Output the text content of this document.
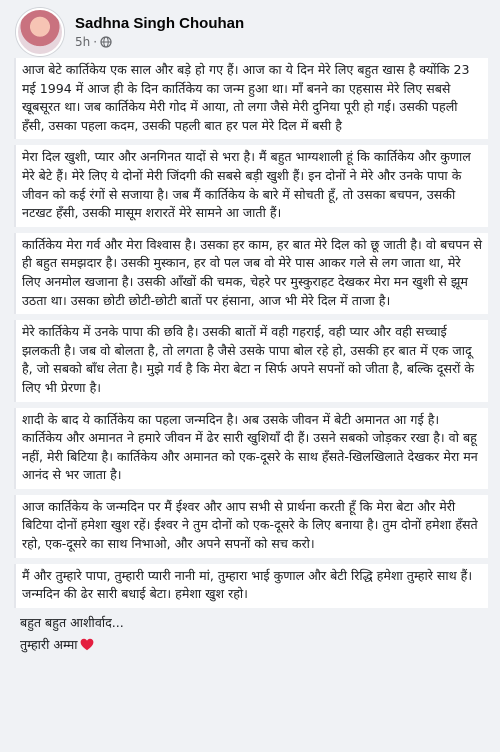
Sadhna Singh Chouhan
5h ·
आज बेटे कार्तिकेय एक साल और बड़े हो गए हैं। आज का ये दिन मेरे लिए बहुत खास है क्योंकि 23 मई 1994 में आज ही के दिन कार्तिकेय का जन्म हुआ था। माँ बनने का एहसास मेरे लिए सबसे खूबसूरत था। जब कार्तिकेय मेरी गोद में आया, तो लगा जैसे मेरी दुनिया पूरी हो गई। उसकी पहली हँसी, उसका पहला कदम, उसकी पहली बात हर पल मेरे दिल में बसी है
मेरा दिल खुशी, प्यार और अनगिनत यादों से भरा है। मैं बहुत भाग्यशाली हूं कि कार्तिकेय और कुणाल मेरे बेटे हैं। मेरे लिए ये दोनों मेरी जिंदगी की सबसे बड़ी खुशी हैं। इन दोनों ने मेरे और उनके पापा के जीवन को कई रंगों से सजाया है। जब मैं कार्तिकेय के बारे में सोचती हूँ, तो उसका बचपन, उसकी नटखट हँसी, उसकी मासूम शरारतें मेरे सामने आ जाती हैं।
कार्तिकेय मेरा गर्व और मेरा विश्वास है। उसका हर काम, हर बात मेरे दिल को छू जाती है। वो बचपन से ही बहुत समझदार है। उसकी मुस्कान, हर वो पल जब वो मेरे पास आकर गले से लग जाता था, मेरे लिए अनमोल खजाना है। उसकी आँखों की चमक, चेहरे पर मुस्कुराहट देखकर मेरा मन खुशी से झूम उठता था। उसका छोटी छोटी-छोटी बातों पर हंसाना, आज भी मेरे दिल में ताजा है।
मेरे कार्तिकेय में उनके पापा की छवि है। उसकी बातों में वही गहराई, वही प्यार और वही सच्चाई झलकती है। जब वो बोलता है, तो लगता है जैसे उसके पापा बोल रहे हो, उसकी हर बात में एक जादू है, जो सबको बाँध लेता है। मुझे गर्व है कि मेरा बेटा न सिर्फ अपने सपनों को जीता है, बल्कि दूसरों के लिए भी प्रेरणा है।
शादी के बाद ये कार्तिकेय का पहला जन्मदिन है। अब उसके जीवन में बेटी अमानत आ गई है। कार्तिकेय और अमानत ने हमारे जीवन में ढेर सारी खुशियाँ दी हैं। उसने सबको जोड़कर रखा है। वो बहू नहीं, मेरी बिटिया है। कार्तिकेय और अमानत को एक-दूसरे के साथ हँसते-खिलखिलाते देखकर मेरा मन आनंद से भर जाता है।
आज कार्तिकेय के जन्मदिन पर मैं ईश्वर और आप सभी से प्रार्थना करती हूँ कि मेरा बेटा और मेरी बिटिया दोनों हमेशा खुश रहें। ईश्वर ने तुम दोनों को एक-दूसरे के लिए बनाया है। तुम दोनों हमेशा हँसते रहो, एक-दूसरे का साथ निभाओ, और अपने सपनों को सच करो।
मैं और तुम्हारे पापा, तुम्हारी प्यारी नानी मां, तुम्हारा भाई कुणाल और बेटी रिद्धि हमेशा तुम्हारे साथ हैं। जन्मदिन की ढेर सारी बधाई बेटा। हमेशा खुश रहो।
बहुत बहुत आशीर्वाद...
तुम्हारी अम्मा
